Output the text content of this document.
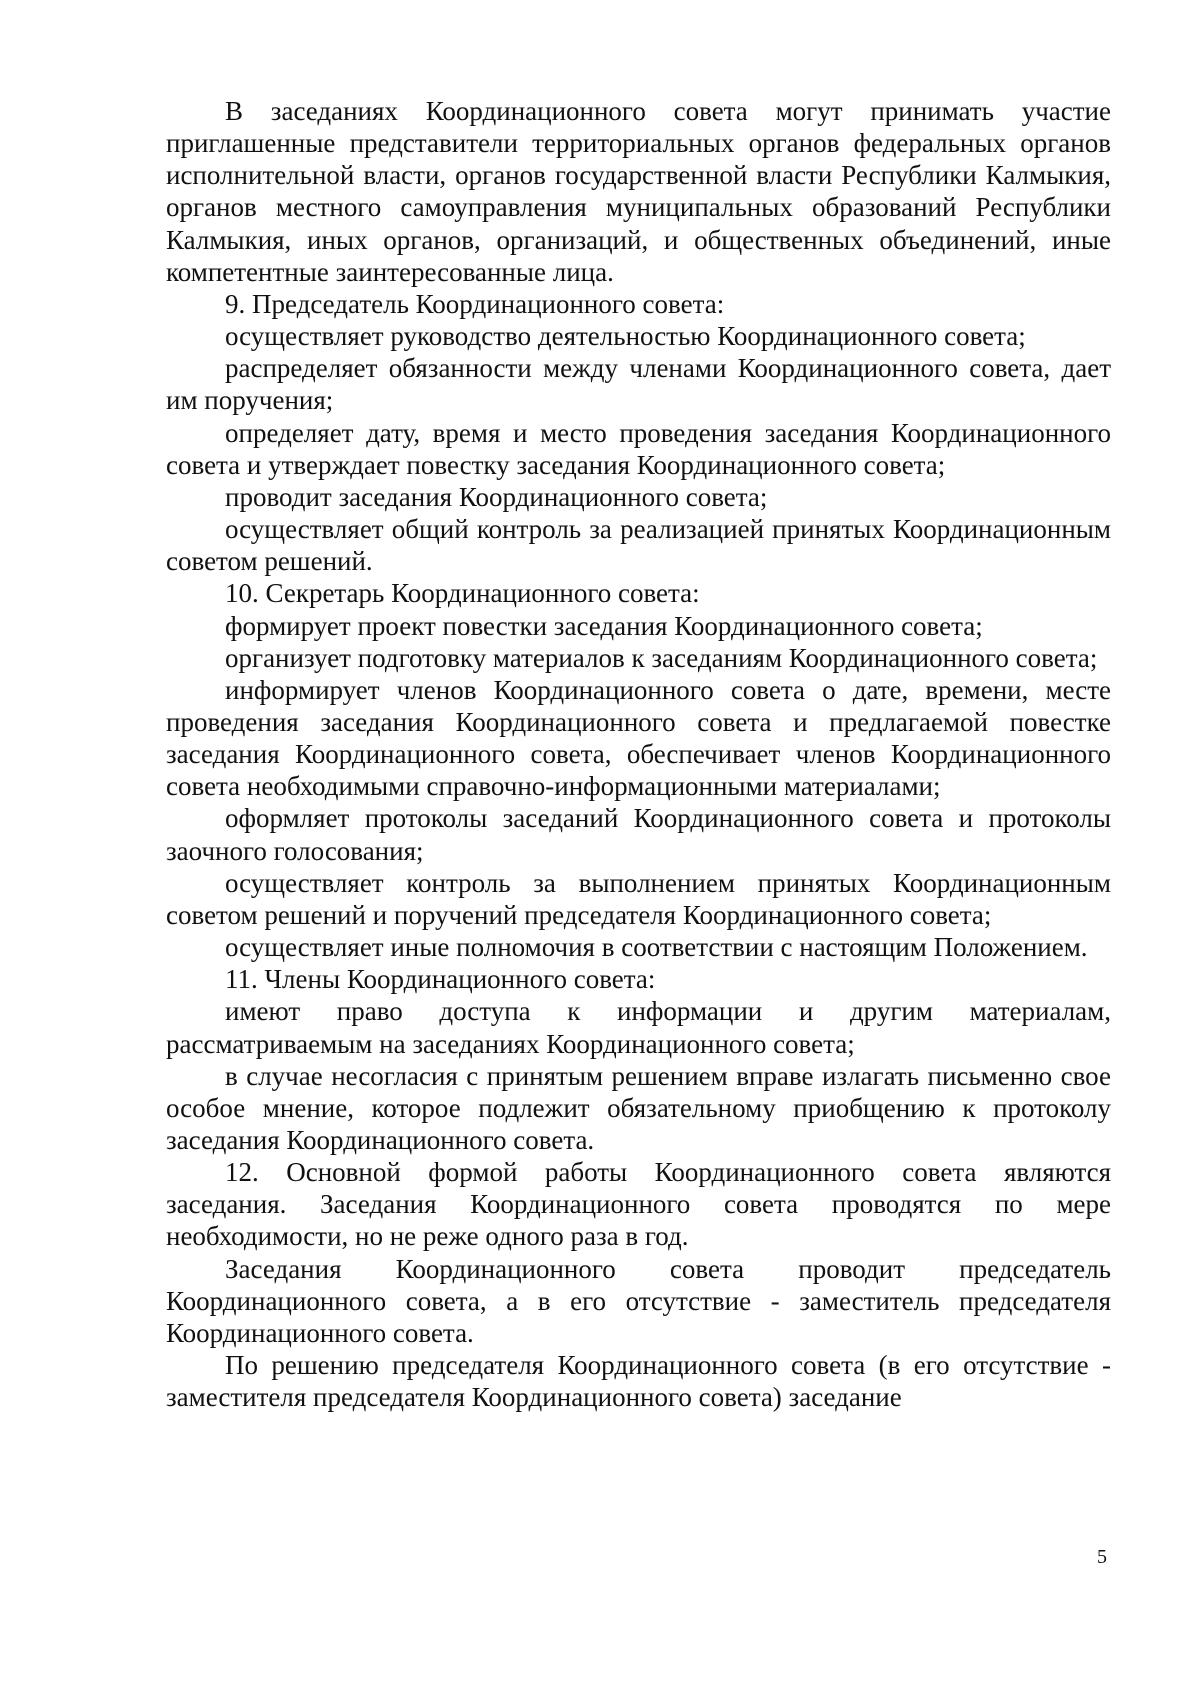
В заседаниях Координационного совета могут принимать участие приглашенные представители территориальных органов федеральных органов исполнительной власти, органов государственной власти Республики Калмыкия, органов местного самоуправления муниципальных образований Республики Калмыкия, иных органов, организаций, и общественных объединений, иные компетентные заинтересованные лица.

9. Председатель Координационного совета:

осуществляет руководство деятельностью Координационного совета;

распределяет обязанности между членами Координационного совета, дает им поручения;

определяет дату, время и место проведения заседания Координационного совета и утверждает повестку заседания Координационного совета;

проводит заседания Координационного совета;

осуществляет общий контроль за реализацией принятых Координационным советом решений.

10. Секретарь Координационного совета:

формирует проект повестки заседания Координационного совета;

организует подготовку материалов к заседаниям Координационного совета;

информирует членов Координационного совета о дате, времени, месте проведения заседания Координационного совета и предлагаемой повестке заседания Координационного совета, обеспечивает членов Координационного совета необходимыми справочно-информационными материалами;

оформляет протоколы заседаний Координационного совета и протоколы заочного голосования;

осуществляет контроль за выполнением принятых Координационным советом решений и поручений председателя Координационного совета;

осуществляет иные полномочия в соответствии с настоящим Положением.

11. Члены Координационного совета:

имеют право доступа к информации и другим материалам, рассматриваемым на заседаниях Координационного совета;

в случае несогласия с принятым решением вправе излагать письменно свое особое мнение, которое подлежит обязательному приобщению к протоколу заседания Координационного совета.

12. Основной формой работы Координационного совета являются заседания. Заседания Координационного совета проводятся по мере необходимости, но не реже одного раза в год.

Заседания Координационного совета проводит председатель Координационного совета, а в его отсутствие - заместитель председателя Координационного совета.

По решению председателя Координационного совета (в его отсутствие - заместителя председателя Координационного совета) заседание

5
